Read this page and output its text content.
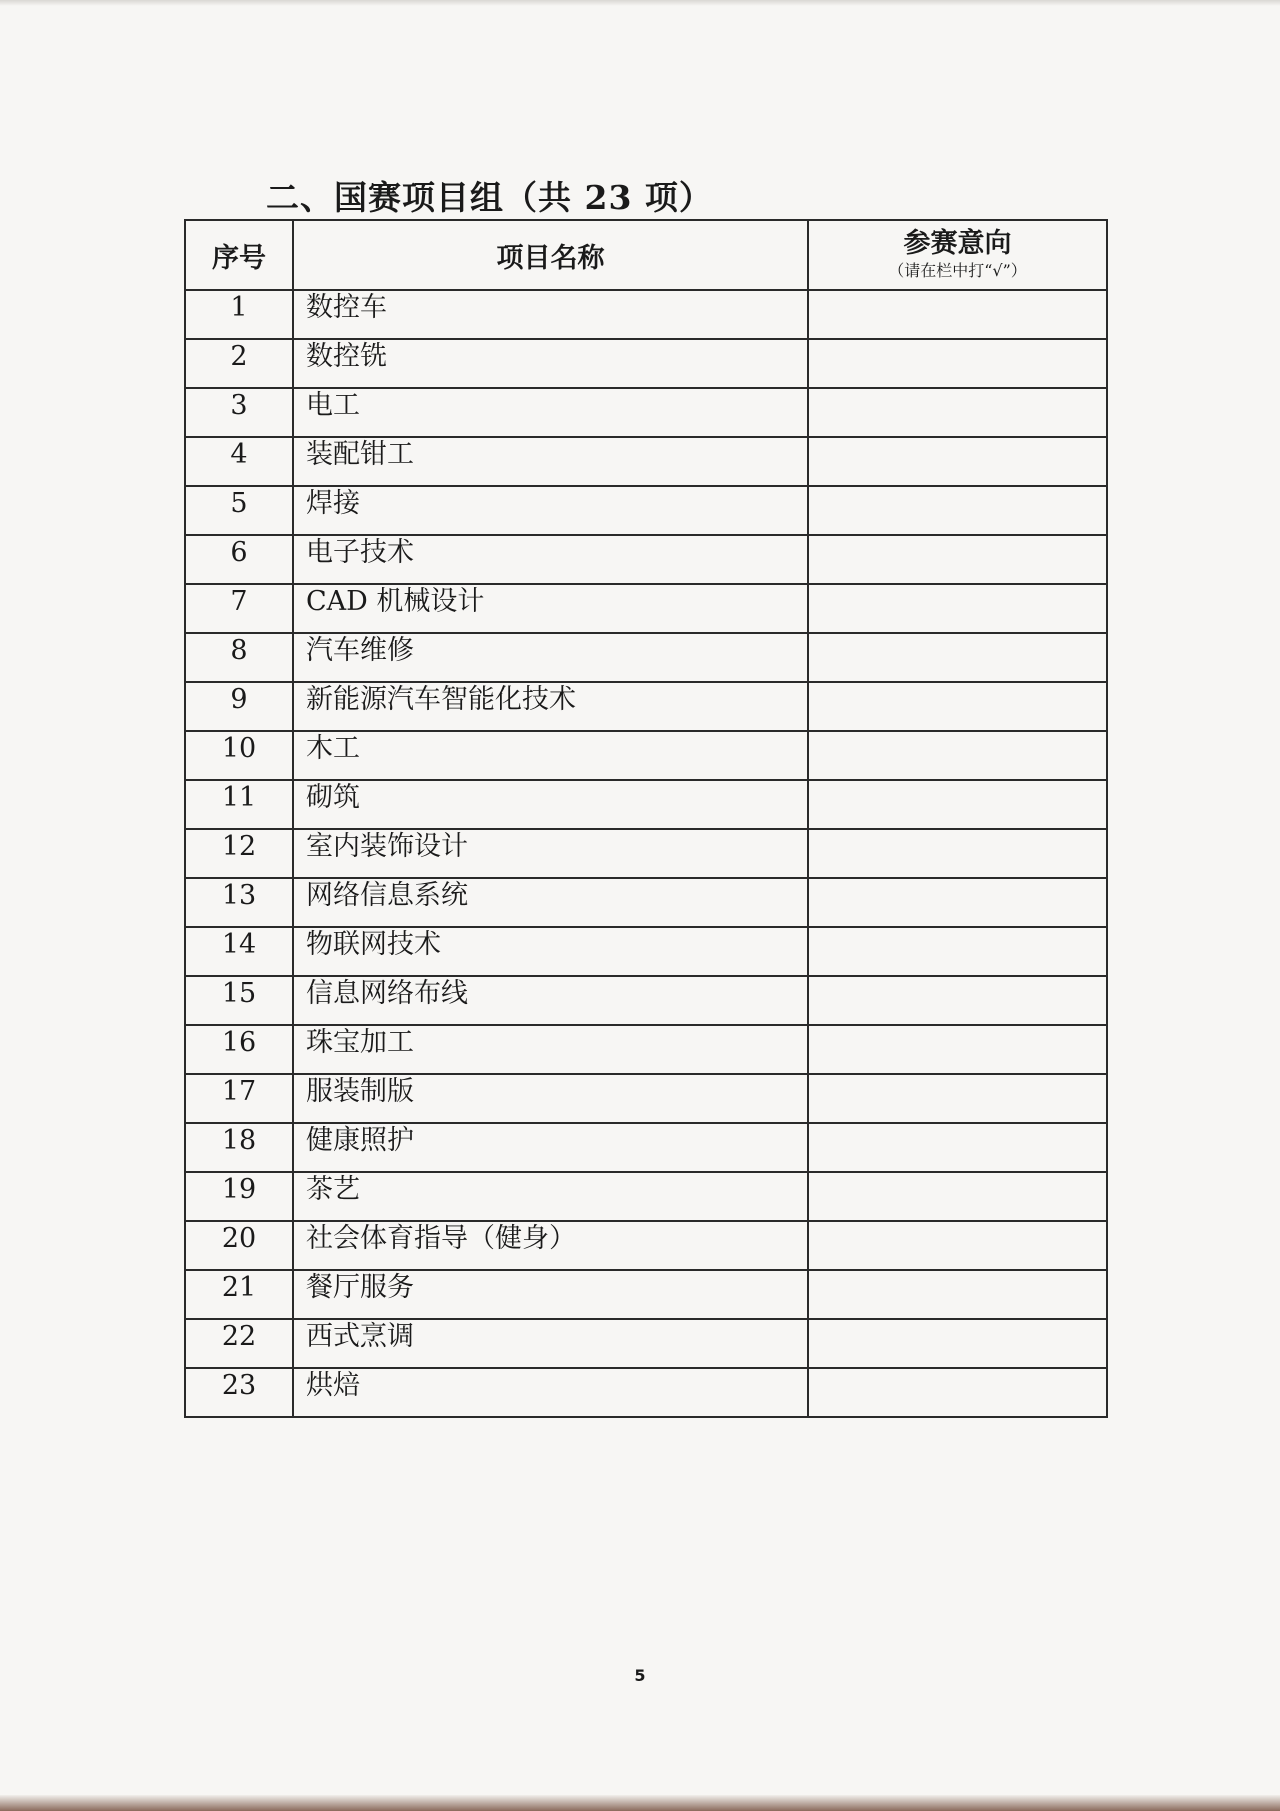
二、国赛项目组（共 23 项）
序号	项目名称	参赛意向
（请在栏中打“√”）

1	数控车	
2	数控铣	
3	电工	
4	装配钳工	
5	焊接	
6	电子技术	
7	CAD 机械设计	
8	汽车维修	
9	新能源汽车智能化技术	
10	木工	
11	砌筑	
12	室内装饰设计	
13	网络信息系统	
14	物联网技术	
15	信息网络布线	
16	珠宝加工	
17	服装制版	
18	健康照护	
19	茶艺	
20	社会体育指导（健身）	
21	餐厅服务	
22	西式烹调	
23	烘焙	
5
